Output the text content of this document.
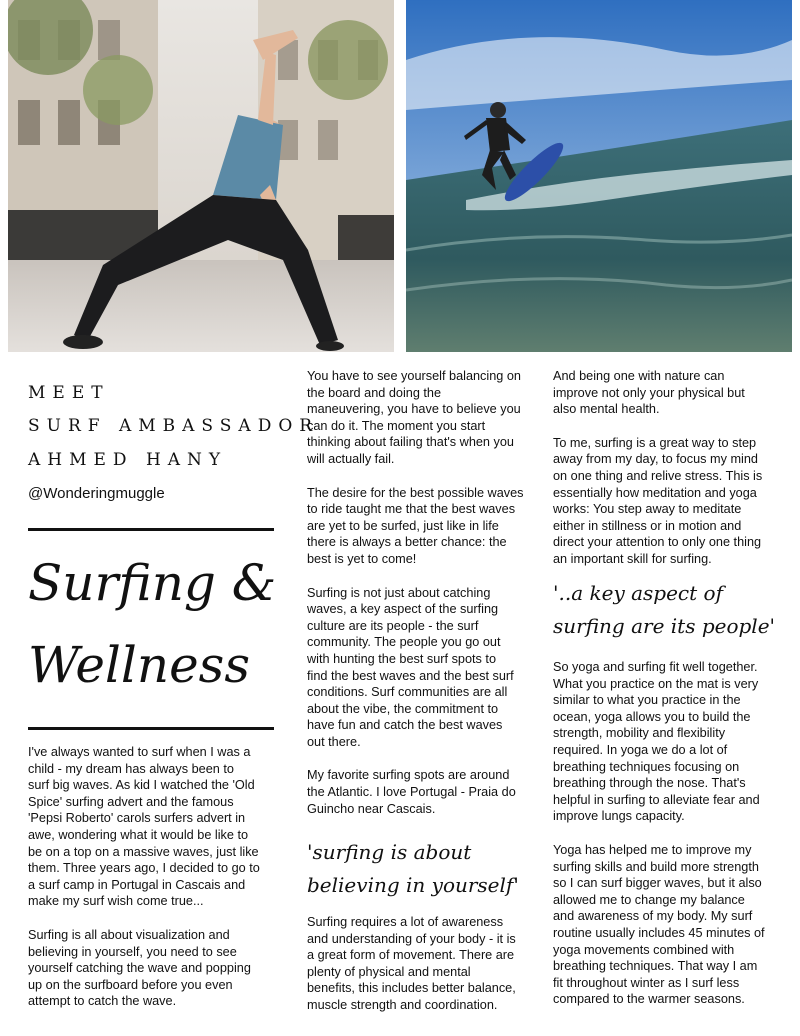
MEET
SURF AMBASSADOR
AHMED HANY
@Wonderingmuggle
Surfing &
Wellness

I've always wanted to surf when I was a
child - my dream has always been to
surf big waves. As kid I watched the 'Old
Spice' surfing advert and the famous
'Pepsi Roberto' carols surfers advert in
awe, wondering what it would be like to
be on a top on a massive waves, just like
them. Three years ago, I decided to go to
a surf camp in Portugal in Cascais and
make my surf wish come true...

Surfing is all about visualization and
believing in yourself, you need to see
yourself catching the wave and popping
up on the surfboard before you even
attempt to catch the wave.

You have to see yourself balancing on
the board and doing the
maneuvering, you have to believe you
can do it. The moment you start
thinking about failing that's when you
will actually fail.

The desire for the best possible waves
to ride taught me that the best waves
are yet to be surfed, just like in life
there is always a better chance: the
best is yet to come!

Surfing is not just about catching
waves, a key aspect of the surfing
culture are its people - the surf
community. The people you go out
with hunting the best surf spots to
find the best waves and the best surf
conditions. Surf communities are all
about the vibe, the commitment to
have fun and catch the best waves
out there.

My favorite surfing spots are around
the Atlantic. I love Portugal - Praia do
Guincho near Cascais.

'surfing is about
believing in yourself'

Surfing requires a lot of awareness
and understanding of your body - it is
a great form of movement. There are
plenty of physical and mental
benefits, this includes better balance,
muscle strength and coordination.

And being one with nature can
improve not only your physical but
also mental health.

To me, surfing is a great way to step
away from my day, to focus my mind
on one thing and relive stress. This is
essentially how meditation and yoga
works: You step away to meditate
either in stillness or in motion and
direct your attention to only one thing
an important skill for surfing.

'..a key aspect of
surfing are its people'

So yoga and surfing fit well together.
What you practice on the mat is very
similar to what you practice in the
ocean, yoga allows you to build the
strength, mobility and flexibility
required. In yoga we do a lot of
breathing techniques focusing on
breathing through the nose. That's
helpful in surfing to alleviate fear and
improve lungs capacity.

Yoga has helped me to improve my
surfing skills and build more strength
so I can surf bigger waves, but it also
allowed me to change my balance
and awareness of my body. My surf
routine usually includes 45 minutes of
yoga movements combined with
breathing techniques. That way I am
fit throughout winter as I surf less
compared to the warmer seasons.
